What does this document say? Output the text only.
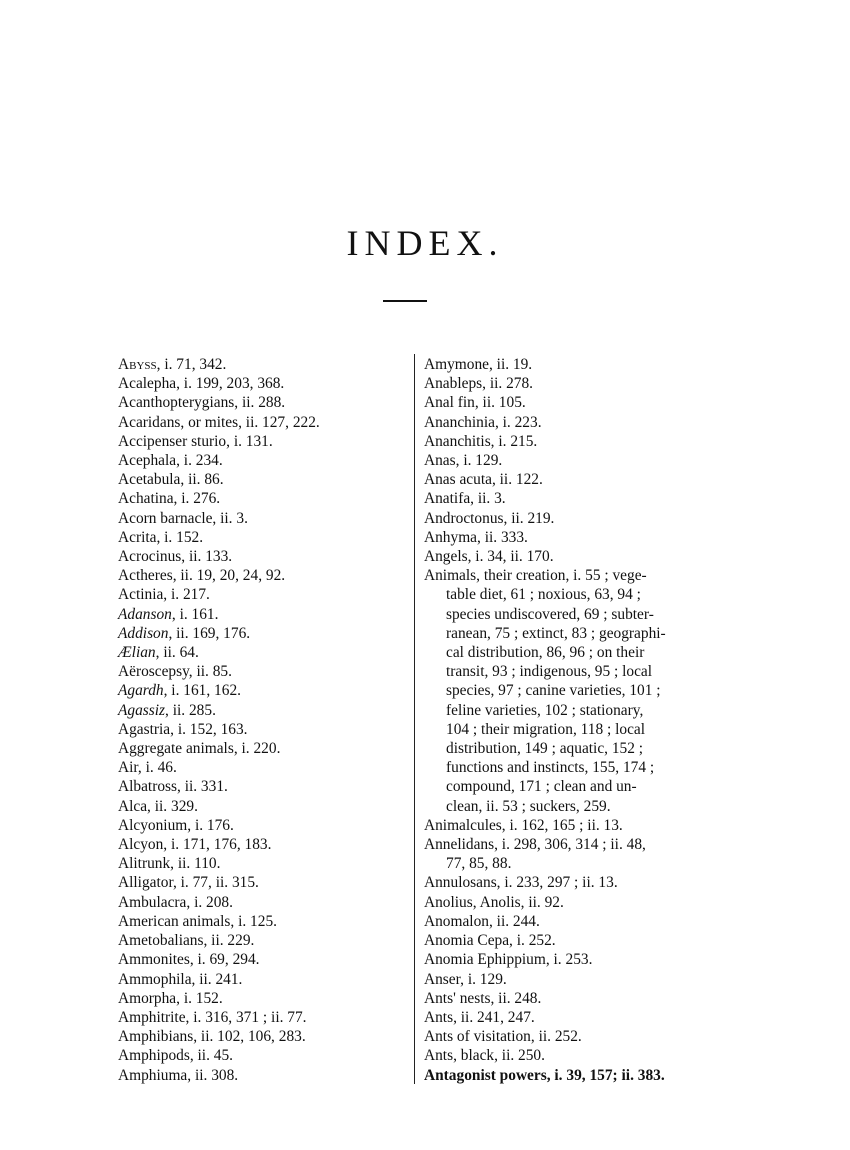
INDEX.
Abyss, i. 71, 342.
Acalepha, i. 199, 203, 368.
Acanthopterygians, ii. 288.
Acaridans, or mites, ii. 127, 222.
Accipenser sturio, i. 131.
Acephala, i. 234.
Acetabula, ii. 86.
Achatina, i. 276.
Acorn barnacle, ii. 3.
Acrita, i. 152.
Acrocinus, ii. 133.
Actheres, ii. 19, 20, 24, 92.
Actinia, i. 217.
Adanson, i. 161.
Addison, ii. 169, 176.
Ælian, ii. 64.
Aëroscepsy, ii. 85.
Agardh, i. 161, 162.
Agassiz, ii. 285.
Agastria, i. 152, 163.
Aggregate animals, i. 220.
Air, i. 46.
Albatross, ii. 331.
Alca, ii. 329.
Alcyonium, i. 176.
Alcyon, i. 171, 176, 183.
Alitrunk, ii. 110.
Alligator, i. 77, ii. 315.
Ambulacra, i. 208.
American animals, i. 125.
Ametobalians, ii. 229.
Ammonites, i. 69, 294.
Ammophila, ii. 241.
Amorpha, i. 152.
Amphitrite, i. 316, 371 ; ii. 77.
Amphibians, ii. 102, 106, 283.
Amphipods, ii. 45.
Amphiuma, ii. 308.
Amymone, ii. 19.
Anableps, ii. 278.
Anal fin, ii. 105.
Ananchinia, i. 223.
Ananchitis, i. 215.
Anas, i. 129.
Anas acuta, ii. 122.
Anatifa, ii. 3.
Androctonus, ii. 219.
Anhyma, ii. 333.
Angels, i. 34, ii. 170.
Animals, their creation, i. 55 ; vege-
table diet, 61 ; noxious, 63, 94 ;
species undiscovered, 69 ; subter-
ranean, 75 ; extinct, 83 ; geographi-
cal distribution, 86, 96 ; on their
transit, 93 ; indigenous, 95 ; local
species, 97 ; canine varieties, 101 ;
feline varieties, 102 ; stationary,
104 ; their migration, 118 ; local
distribution, 149 ; aquatic, 152 ;
functions and instincts, 155, 174 ;
compound, 171 ; clean and un-
clean, ii. 53 ; suckers, 259.
Animalcules, i. 162, 165 ; ii. 13.
Annelidans, i. 298, 306, 314 ; ii. 48,
77, 85, 88.
Annulosans, i. 233, 297 ; ii. 13.
Anolius, Anolis, ii. 92.
Anomalon, ii. 244.
Anomia Cepa, i. 252.
Anomia Ephippium, i. 253.
Anser, i. 129.
Ants' nests, ii. 248.
Ants, ii. 241, 247.
Ants of visitation, ii. 252.
Ants, black, ii. 250.
Antagonist powers, i. 39, 157; ii. 383.
